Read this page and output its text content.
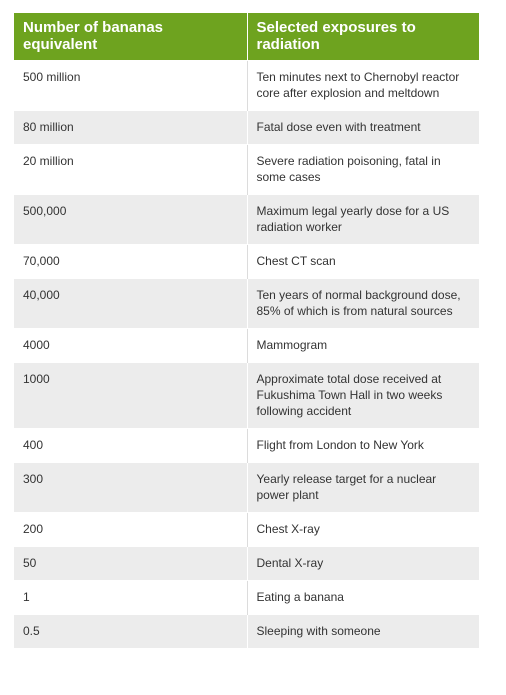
Number of bananas equivalent	Selected exposures to radiation
500 million	Ten minutes next to Chernobyl reactor core after explosion and meltdown
80 million	Fatal dose even with treatment
20 million	Severe radiation poisoning, fatal in some cases
500,000	Maximum legal yearly dose for a US radiation worker
70,000	Chest CT scan
40,000	Ten years of normal background dose, 85% of which is from natural sources
4000	Mammogram
1000	Approximate total dose received at Fukushima Town Hall in two weeks following accident
400	Flight from London to New York
300	Yearly release target for a nuclear power plant
200	Chest X-ray
50	Dental X-ray
1	Eating a banana
0.5	Sleeping with someone
